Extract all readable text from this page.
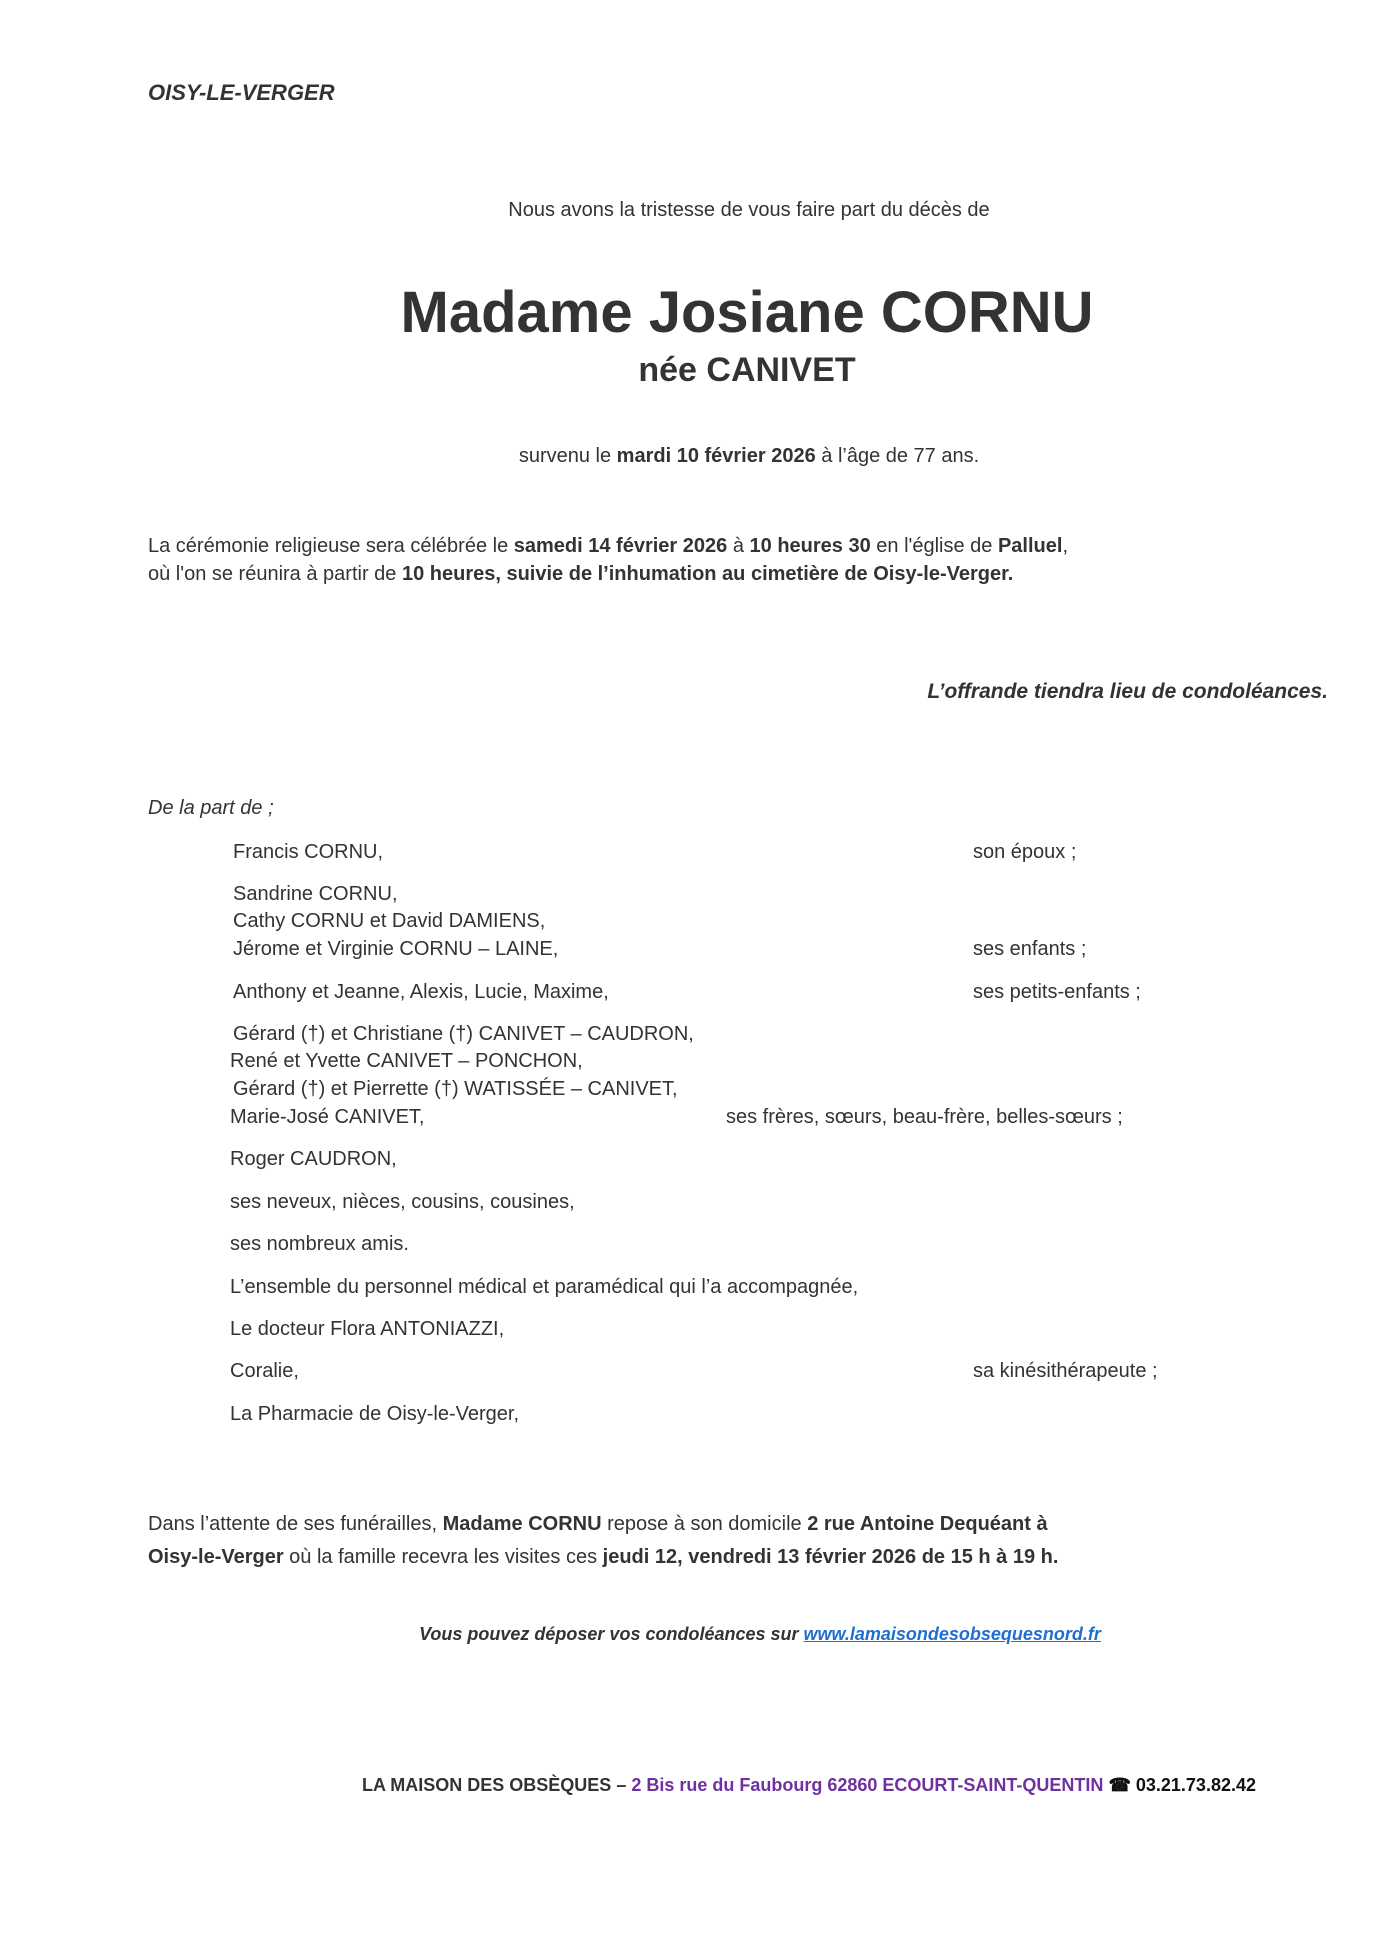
OISY-LE-VERGER
Nous avons la tristesse de vous faire part du décès de
Madame Josiane CORNU
née CANIVET
survenu le mardi 10 février 2026 à l’âge de 77 ans.
La cérémonie religieuse sera célébrée le samedi 14 février 2026 à 10 heures 30 en l'église de Palluel,
où l'on se réunira à partir de 10 heures, suivie de l’inhumation au cimetière de Oisy-le-Verger.
L’offrande tiendra lieu de condoléances.
De la part de ;
Francis CORNU,	son époux ;
Sandrine CORNU,
Cathy CORNU et David DAMIENS,
Jérome et Virginie CORNU – LAINE,	ses enfants ;
Anthony et Jeanne, Alexis, Lucie, Maxime,	ses petits-enfants ;
Gérard (†) et Christiane (†) CANIVET – CAUDRON,
René et Yvette CANIVET – PONCHON,
Gérard (†) et Pierrette (†) WATISSÉE – CANIVET,
Marie-José CANIVET,	ses frères, sœurs, beau-frère, belles-sœurs ;
Roger CAUDRON,
ses neveux, nièces, cousins, cousines,
ses nombreux amis.
L’ensemble du personnel médical et paramédical qui l’a accompagnée,
Le docteur Flora ANTONIAZZI,
Coralie,	sa kinésithérapeute ;
La Pharmacie de Oisy-le-Verger,
Dans l’attente de ses funérailles, Madame CORNU repose à son domicile 2 rue Antoine Dequéant à
Oisy-le-Verger où la famille recevra les visites ces jeudi 12, vendredi 13 février 2026 de 15 h à 19 h.
Vous pouvez déposer vos condoléances sur www.lamaisondesobsequesnord.fr
LA MAISON DES OBSÈQUES – 2 Bis rue du Faubourg 62860 ECOURT-SAINT-QUENTIN ☎ 03.21.73.82.42
